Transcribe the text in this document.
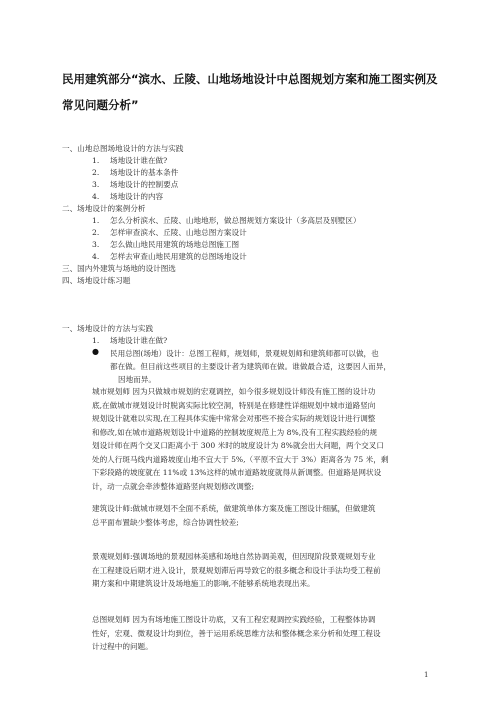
民用建筑部分“滨水、丘陵、山地场地设计中总图规划方案和施工图实例及常见问题分析”
一、山地总图场地设计的方法与实践
1. 场地设计谁在做?
2. 场地设计的基本条件
3. 场地设计的控制要点
4. 场地设计的内容
二、场地设计的案例分析
1. 怎么分析滨水、丘陵、山地地形，做总图规划方案设计（多高层及别墅区）
2. 怎样审查滨水、丘陵、山地总图方案设计
3. 怎么做山地民用建筑的场地总图施工图
4. 怎样去审查山地民用建筑的总图场地设计
三、国内外建筑与场地的设计图选
四、场地设计练习题
一、场地设计的方法与实践
1. 场地设计谁在做?
● 民用总图(场地）设计：总图工程师，规划师，景观规划师和建筑师都可以做，也
都在做。但目前这些项目的主要设计者为建筑师在做。谁做最合适，这要因人而异，
因地而异。

城市规划师 因为只做城市规划的宏观调控，如今很多规划设计师没有施工图的设计功

底,在做城市规划设计时脱离实际比较空洞，特别是在修建性详细规划中城市道路竖向

规划设计就难以实现,在工程具体实施中常常会对那些不接合实际的规划设计进行调整

和修改,如在城市道路规划设计中道路的控制坡度规范上为 8%,没有工程实践经验的规

划设计师在两个交叉口距离小于 300 米时的坡度设计为 8%就会出大问题，两个交叉口

处的人行斑马线内道路坡度山地不宜大于 5%,（平原不宜大于 3%）距离各为 75 米，剩

下彩段路的坡度就在 11%或 13%这样的城市道路坡度就得从新调整。但道路是网状设

计，动一点就会牵涉整体道路竖向规划修改调整;

建筑设计师:做城市规划不全面不系统，做建筑单体方案及施工图设计细腻，但做建筑

总平面布置缺少整体考虑，综合协调性较差;

景观规划师:强调场地的景观园林美感和场地自然协调美观，但因现阶段景观规划专业

在工程建设后期才进入设计，景观规划滞后再导致它的很多概念和设计手法均受工程前

期方案和中期建筑设计及场地施工的影响,不能够系统地表现出来。

总图规划师 因为有场地施工图设计功底，又有工程宏观调控实践经验，工程整体协调

性好，宏观、微观设计均到位，善于运用系统思维方法和整体概念来分析和处理工程设

计过程中的问题。

1
